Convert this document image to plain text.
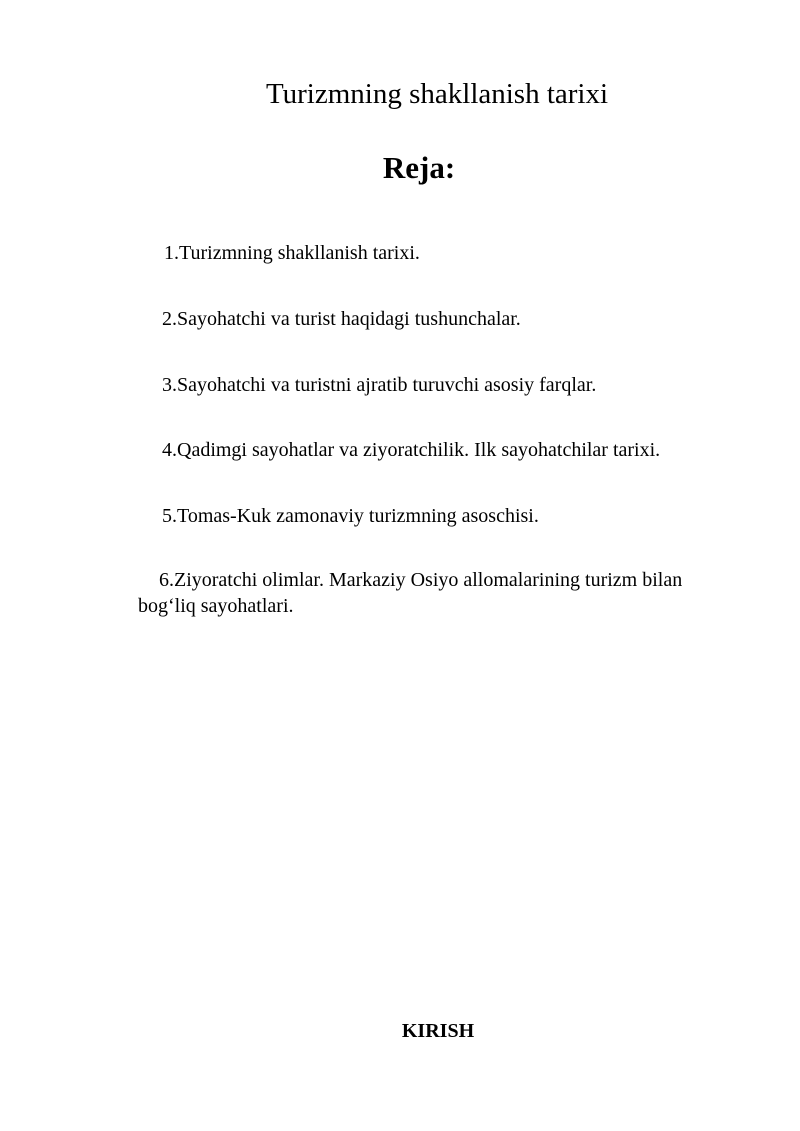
Turizmning shakllanish tarixi
Reja:
1.Turizmning shakllanish tarixi.
2.Sayohatchi va turist haqidagi tushunchalar.
3.Sayohatchi va turistni ajratib turuvchi asosiy farqlar.
4.Qadimgi sayohatlar va ziyoratchilik. Ilk sayohatchilar tarixi.
5.Tomas-Kuk zamonaviy turizmning asoschisi.
6.Ziyoratchi olimlar. Markaziy Osiyo allomalarining turizm bilan bog‘liq sayohatlari.
KIRISH
